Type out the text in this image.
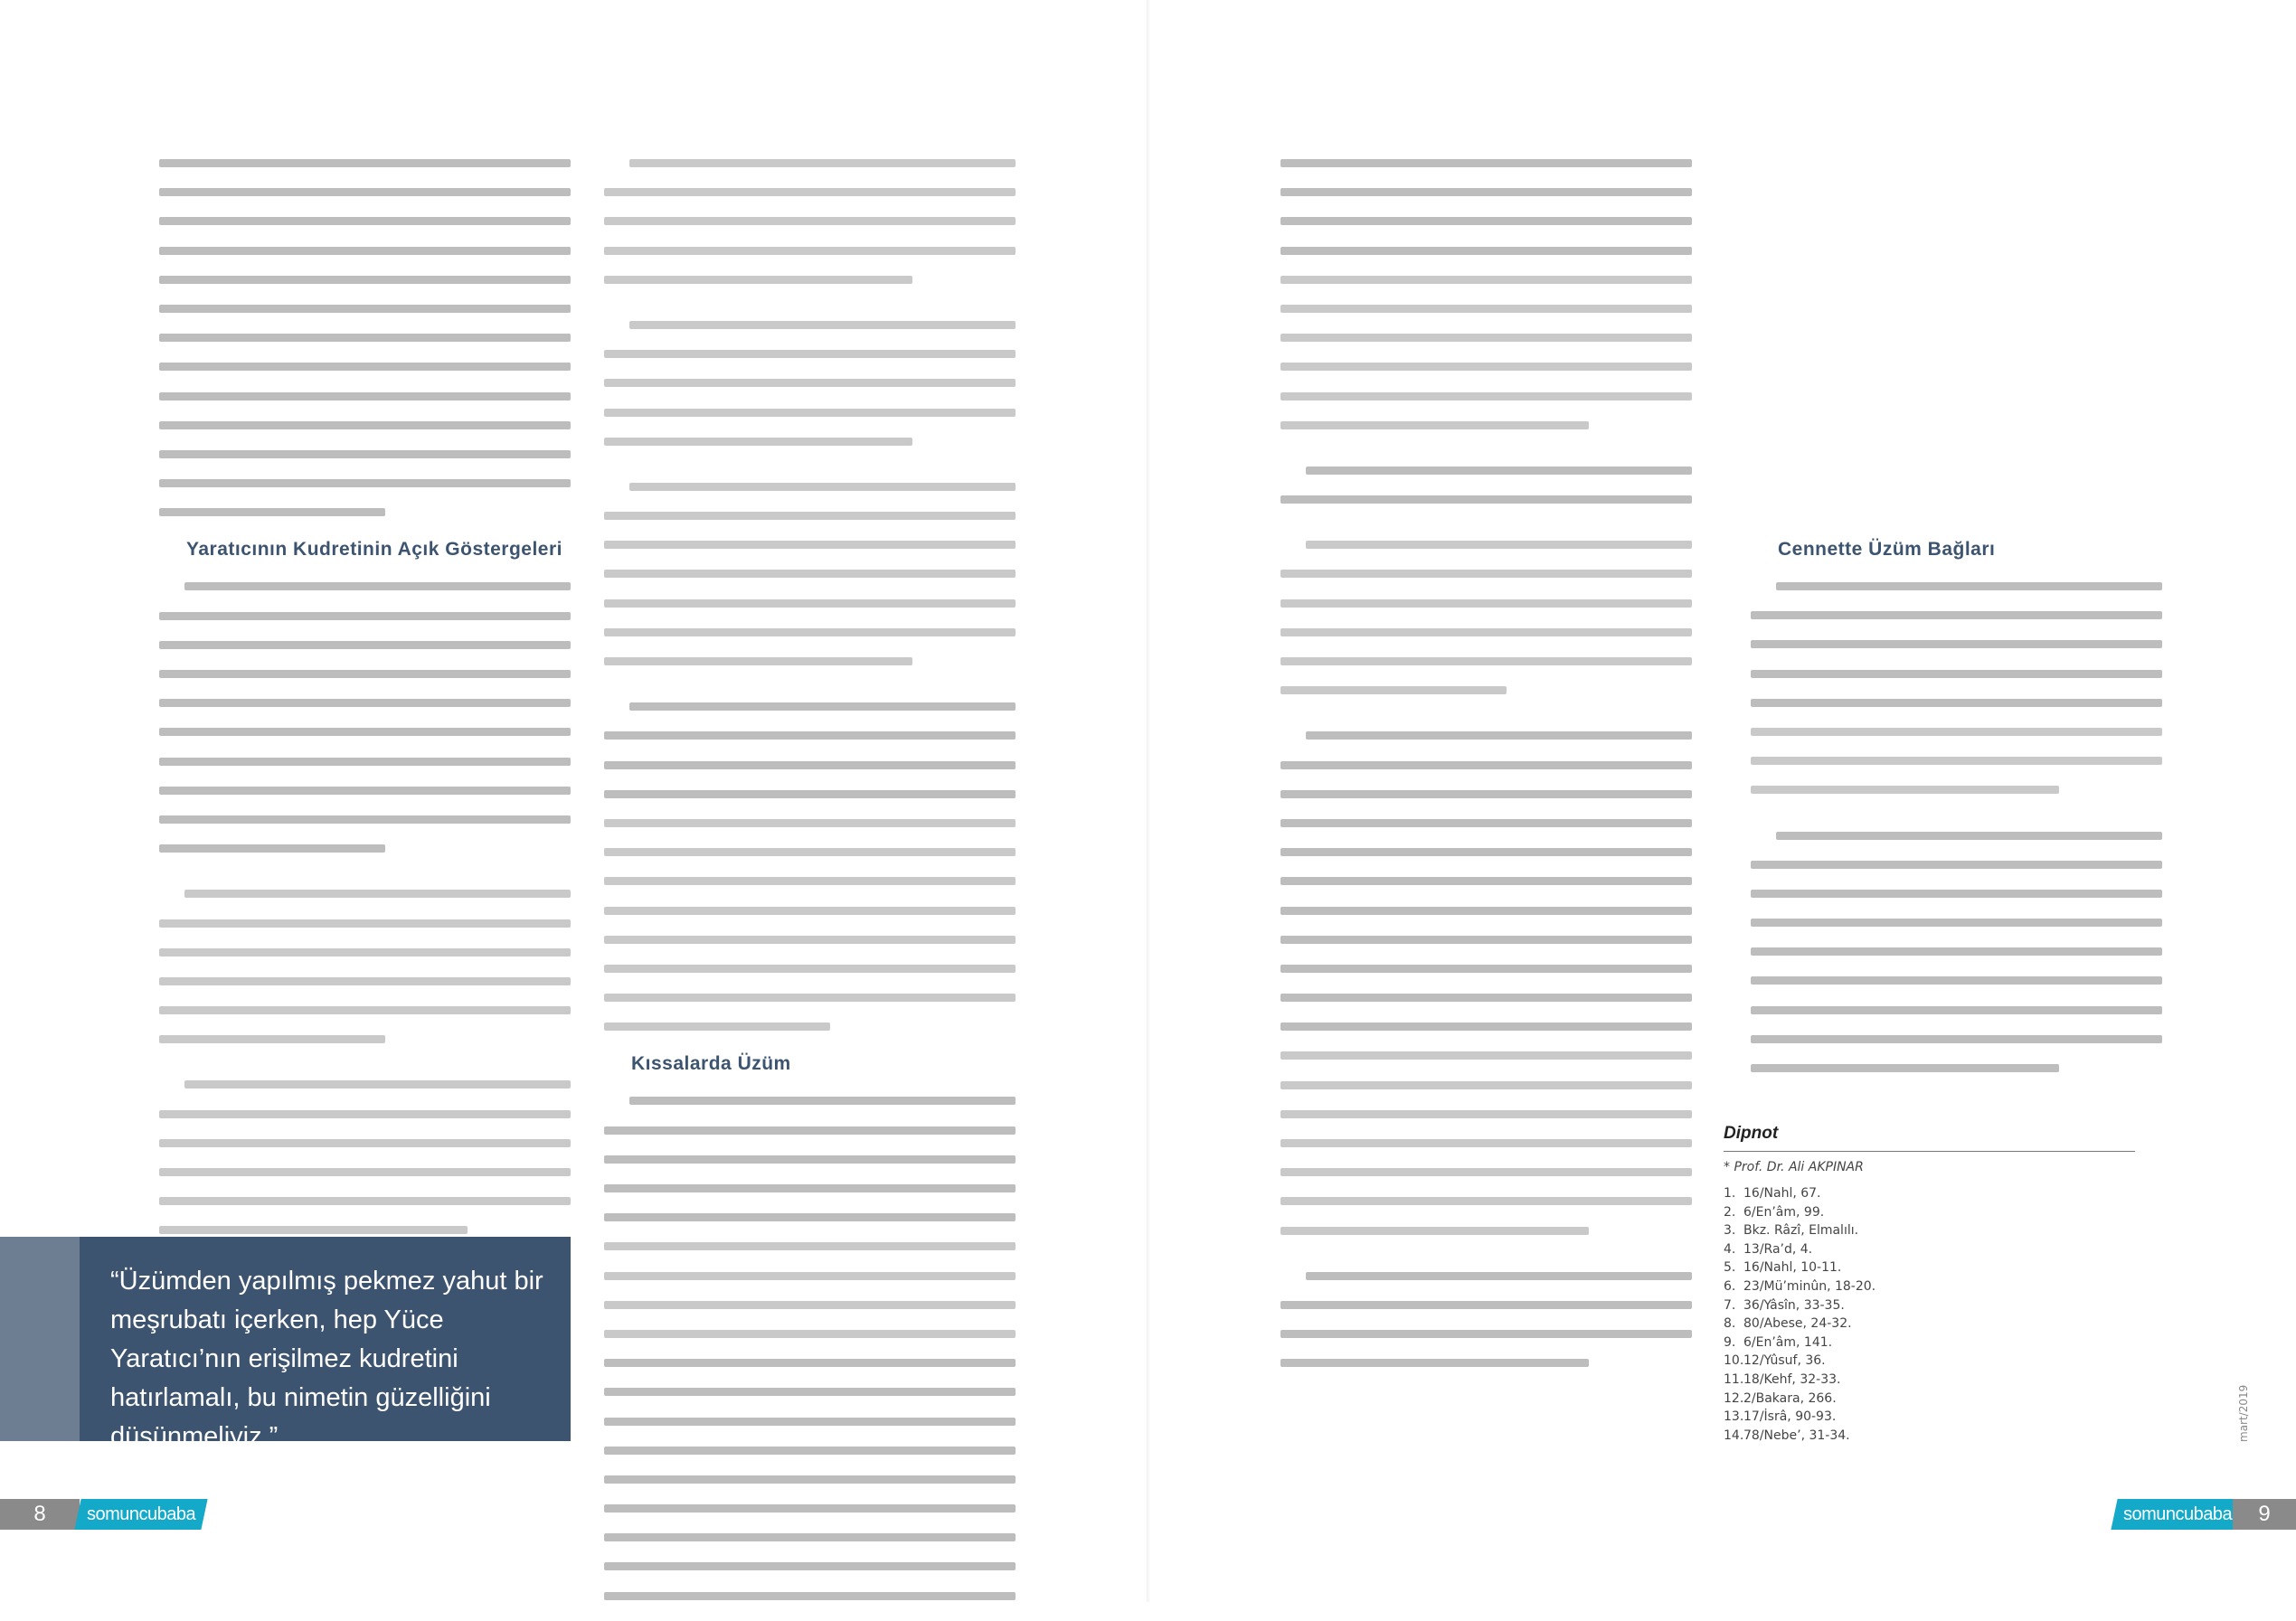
Yaratıcının Kudretinin Açık Göstergeleri
Kıssalarda Üzüm
“Üzümden yapılmış pekmez yahut bir meşrubatı içerken, hep Yüce Yaratıcı’nın erişilmez kudretini hatırlamalı, bu nimetin güzelliğini düşünmeliyiz.”
8	somuncubaba
Cennette Üzüm Bağları
Dipnot
* Prof. Dr. Ali AKPINAR
1. 16/Nahl, 67.
2. 6/En’âm, 99.
3. Bkz. Râzî, Elmalılı.
4. 13/Ra’d, 4.
5. 16/Nahl, 10-11.
6. 23/Mü’minûn, 18-20.
7. 36/Yâsîn, 33-35.
8. 80/Abese, 24-32.
9. 6/En’âm, 141.
10. 12/Yûsuf, 36.
11. 18/Kehf, 32-33.
12. 2/Bakara, 266.
13. 17/İsrâ, 90-93.
14. 78/Nebe’, 31-34.	mart/2019
somuncubaba	9
